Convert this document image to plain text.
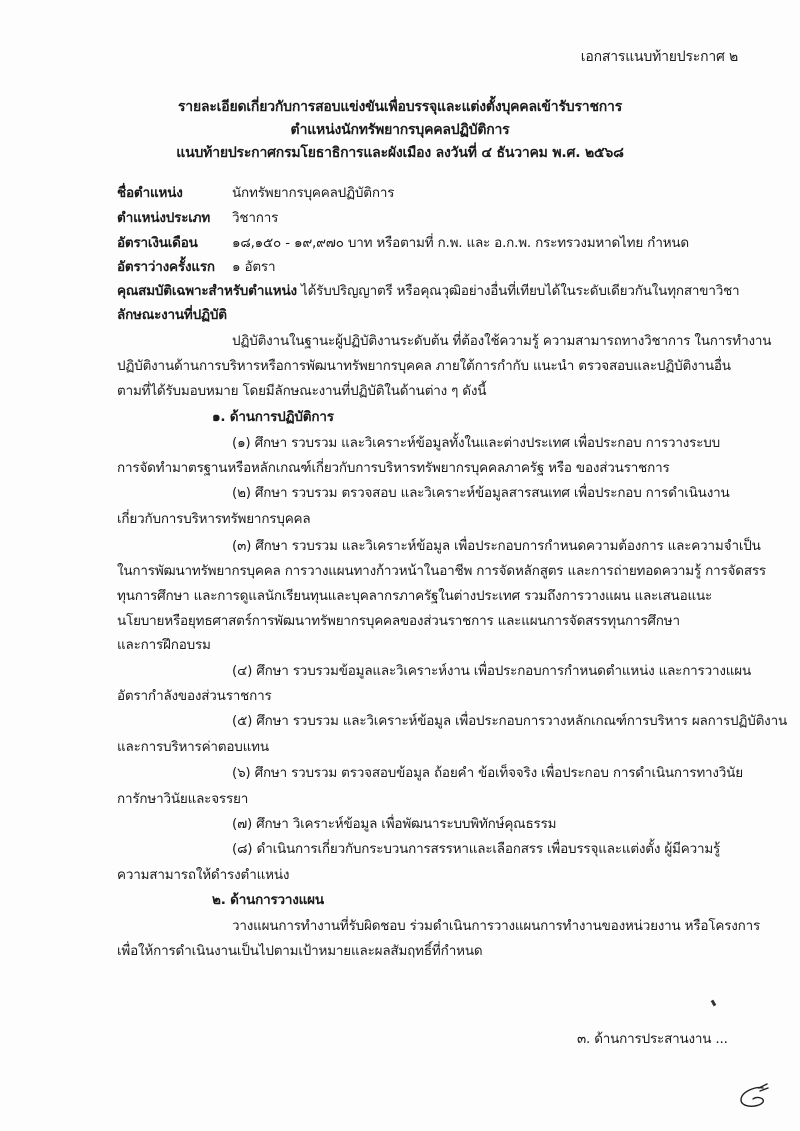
เอกสารแนบท้ายประกาศ ๒
รายละเอียดเกี่ยวกับการสอบแข่งขันเพื่อบรรจุและแต่งตั้งบุคคลเข้ารับราชการ
ตำแหน่งนักทรัพยากรบุคคลปฏิบัติการ
แนบท้ายประกาศกรมโยธาธิการและผังเมือง ลงวันที่ ๔ ธันวาคม พ.ศ. ๒๕๖๘
ชื่อตำแหน่ง	นักทรัพยากรบุคคลปฏิบัติการ
ตำแหน่งประเภท วิชาการ
อัตราเงินเดือน	๑๘,๑๕๐ - ๑๙,๙๗๐ บาท หรือตามที่ ก.พ. และ อ.ก.พ. กระทรวงมหาดไทย กำหนด
อัตราว่างครั้งแรก ๑ อัตรา
คุณสมบัติเฉพาะสำหรับตำแหน่ง ได้รับปริญญาตรี หรือคุณวุฒิอย่างอื่นที่เทียบได้ในระดับเดียวกันในทุกสาขาวิชา
ลักษณะงานที่ปฏิบัติ
ปฏิบัติงานในฐานะผู้ปฏิบัติงานระดับต้น ที่ต้องใช้ความรู้ ความสามารถทางวิชาการ ในการทำงาน
ปฏิบัติงานด้านการบริหารหรือการพัฒนาทรัพยากรบุคคล ภายใต้การกำกับ แนะนำ ตรวจสอบและปฏิบัติงานอื่น
ตามที่ได้รับมอบหมาย โดยมีลักษณะงานที่ปฏิบัติในด้านต่าง ๆ ดังนี้
๑. ด้านการปฏิบัติการ
(๑) ศึกษา รวบรวม และวิเคราะห์ข้อมูลทั้งในและต่างประเทศ เพื่อประกอบ การวางระบบ
การจัดทำมาตรฐานหรือหลักเกณฑ์เกี่ยวกับการบริหารทรัพยากรบุคคลภาครัฐ หรือ ของส่วนราชการ
(๒) ศึกษา รวบรวม ตรวจสอบ และวิเคราะห์ข้อมูลสารสนเทศ เพื่อประกอบ การดำเนินงาน
เกี่ยวกับการบริหารทรัพยากรบุคคล
(๓) ศึกษา รวบรวม และวิเคราะห์ข้อมูล เพื่อประกอบการกำหนดความต้องการ และความจำเป็น
ในการพัฒนาทรัพยากรบุคคล การวางแผนทางก้าวหน้าในอาชีพ การจัดหลักสูตร และการถ่ายทอดความรู้ การจัดสรร
ทุนการศึกษา และการดูแลนักเรียนทุนและบุคลากรภาครัฐในต่างประเทศ รวมถึงการวางแผน และเสนอแนะ
นโยบายหรือยุทธศาสตร์การพัฒนาทรัพยากรบุคคลของส่วนราชการ และแผนการจัดสรรทุนการศึกษา
และการฝึกอบรม
(๔) ศึกษา รวบรวมข้อมูลและวิเคราะห์งาน เพื่อประกอบการกำหนดตำแหน่ง และการวางแผน
อัตรากำลังของส่วนราชการ
(๕) ศึกษา รวบรวม และวิเคราะห์ข้อมูล เพื่อประกอบการวางหลักเกณฑ์การบริหาร ผลการปฏิบัติงาน
และการบริหารค่าตอบแทน
(๖) ศึกษา รวบรวม ตรวจสอบข้อมูล ถ้อยคำ ข้อเท็จจริง เพื่อประกอบ การดำเนินการทางวินัย
การักษาวินัยและจรรยา
(๗) ศึกษา วิเคราะห์ข้อมูล เพื่อพัฒนาระบบพิทักษ์คุณธรรม
(๘) ดำเนินการเกี่ยวกับกระบวนการสรรหาและเลือกสรร เพื่อบรรจุและแต่งตั้ง ผู้มีความรู้
ความสามารถให้ดำรงตำแหน่ง
๒. ด้านการวางแผน
วางแผนการทำงานที่รับผิดชอบ ร่วมดำเนินการวางแผนการทำงานของหน่วยงาน หรือโครงการ
เพื่อให้การดำเนินงานเป็นไปตามเป้าหมายและผลสัมฤทธิ์ที่กำหนด
๓. ด้านการประสานงาน ...
